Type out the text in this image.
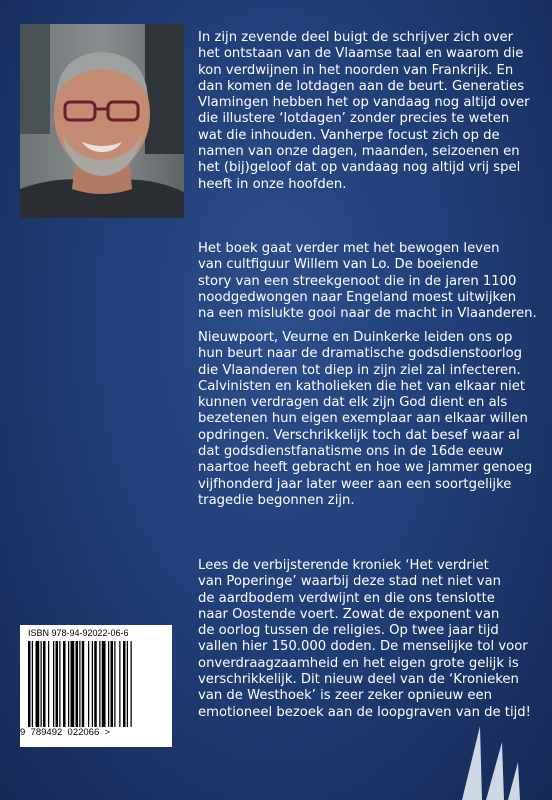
In zijn zevende deel buigt de schrijver zich over
het ontstaan van de Vlaamse taal en waarom die
kon verdwijnen in het noorden van Frankrijk. En
dan komen de lotdagen aan de beurt. Generaties
Vlamingen hebben het op vandaag nog altijd over
die illustere ‘lotdagen’ zonder precies te weten
wat die inhouden. Vanherpe focust zich op de
namen van onze dagen, maanden, seizoenen en
het (bij)geloof dat op vandaag nog altijd vrij spel
heeft in onze hoofden.

Het boek gaat verder met het bewogen leven
van cultfiguur Willem van Lo. De boeiende
story van een streekgenoot die in de jaren 1100
noodgedwongen naar Engeland moest uitwijken
na een mislukte gooi naar de macht in Vlaanderen.

Nieuwpoort, Veurne en Duinkerke leiden ons op
hun beurt naar de dramatische godsdienstoorlog
die Vlaanderen tot diep in zijn ziel zal infecteren.
Calvinisten en katholieken die het van elkaar niet
kunnen verdragen dat elk zijn God dient en als
bezetenen hun eigen exemplaar aan elkaar willen
opdringen. Verschrikkelijk toch dat besef waar al
dat godsdienstfanatisme ons in de 16de eeuw
naartoe heeft gebracht en hoe we jammer genoeg
vijfhonderd jaar later weer aan een soortgelijke
tragedie begonnen zijn.

Lees de verbijsterende kroniek ‘Het verdriet
van Poperinge’ waarbij deze stad net niet van
de aardbodem verdwijnt en die ons tenslotte
naar Oostende voert. Zowat de exponent van
de oorlog tussen de religies. Op twee jaar tijd
vallen hier 150.000 doden. De menselijke tol voor
onverdraagzaamheid en het eigen grote gelijk is
verschrikkelijk. Dit nieuw deel van de ‘Kronieken
van de Westhoek’ is zeer zeker opnieuw een
emotioneel bezoek aan de loopgraven van de tijd!

ISBN 978-94-92022-06-6
9  789492  022066  >
